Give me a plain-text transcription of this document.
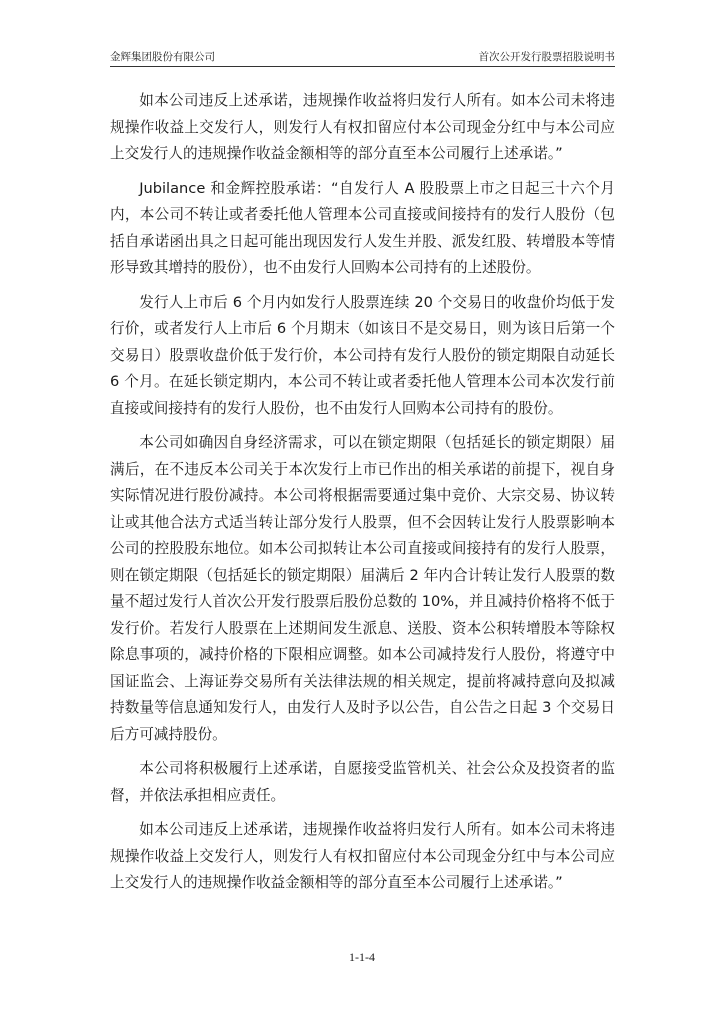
金辉集团股份有限公司	首次公开发行股票招股说明书

如本公司违反上述承诺，违规操作收益将归发行人所有。如本公司未将违规操作收益上交发行人，则发行人有权扣留应付本公司现金分红中与本公司应上交发行人的违规操作收益金额相等的部分直至本公司履行上述承诺。”

Jubilance 和金辉控股承诺：“自发行人 A 股股票上市之日起三十六个月内，本公司不转让或者委托他人管理本公司直接或间接持有的发行人股份（包括自承诺函出具之日起可能出现因发行人发生并股、派发红股、转增股本等情形导致其增持的股份），也不由发行人回购本公司持有的上述股份。

发行人上市后 6 个月内如发行人股票连续 20 个交易日的收盘价均低于发行价，或者发行人上市后 6 个月期末（如该日不是交易日，则为该日后第一个交易日）股票收盘价低于发行价，本公司持有发行人股份的锁定期限自动延长 6 个月。在延长锁定期内，本公司不转让或者委托他人管理本公司本次发行前直接或间接持有的发行人股份，也不由发行人回购本公司持有的股份。

本公司如确因自身经济需求，可以在锁定期限（包括延长的锁定期限）届满后，在不违反本公司关于本次发行上市已作出的相关承诺的前提下，视自身实际情况进行股份减持。本公司将根据需要通过集中竞价、大宗交易、协议转让或其他合法方式适当转让部分发行人股票，但不会因转让发行人股票影响本公司的控股股东地位。如本公司拟转让本公司直接或间接持有的发行人股票，则在锁定期限（包括延长的锁定期限）届满后 2 年内合计转让发行人股票的数量不超过发行人首次公开发行股票后股份总数的 10%，并且减持价格将不低于发行价。若发行人股票在上述期间发生派息、送股、资本公积转增股本等除权除息事项的，减持价格的下限相应调整。如本公司减持发行人股份，将遵守中国证监会、上海证券交易所有关法律法规的相关规定，提前将减持意向及拟减持数量等信息通知发行人，由发行人及时予以公告，自公告之日起 3 个交易日后方可减持股份。

本公司将积极履行上述承诺，自愿接受监管机关、社会公众及投资者的监督，并依法承担相应责任。

如本公司违反上述承诺，违规操作收益将归发行人所有。如本公司未将违规操作收益上交发行人，则发行人有权扣留应付本公司现金分红中与本公司应上交发行人的违规操作收益金额相等的部分直至本公司履行上述承诺。”

1-1-4
